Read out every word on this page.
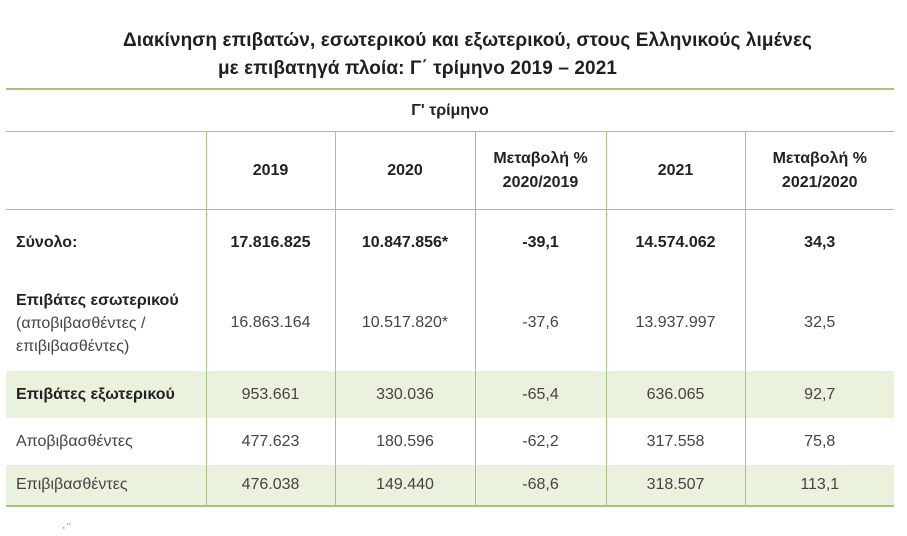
Διακίνηση επιβατών, εσωτερικού και εξωτερικού, στους Ελληνικούς λιμένες
με επιβατηγά πλοία: Γ΄ τρίμηνο 2019 – 2021
Γ' τρίμηνο					
	2019	2020	Μεταβολή % 2020/2019	2021	Μεταβολή % 2021/2020
Σύνολο:	17.816.825	10.847.856*	-39,1	14.574.062	34,3
Επιβάτες εσωτερικού
(αποβιβασθέντες / επιβιβασθέντες)	16.863.164	10.517.820*	-37,6	13.937.997	32,5
Επιβάτες εξωτερικού	953.661	330.036	-65,4	636.065	92,7
Αποβιβασθέντες	477.623	180.596	-62,2	317.558	75,8
Επιβιβασθέντες	476.038	149.440	-68,6	318.507	113,1
· ̈
